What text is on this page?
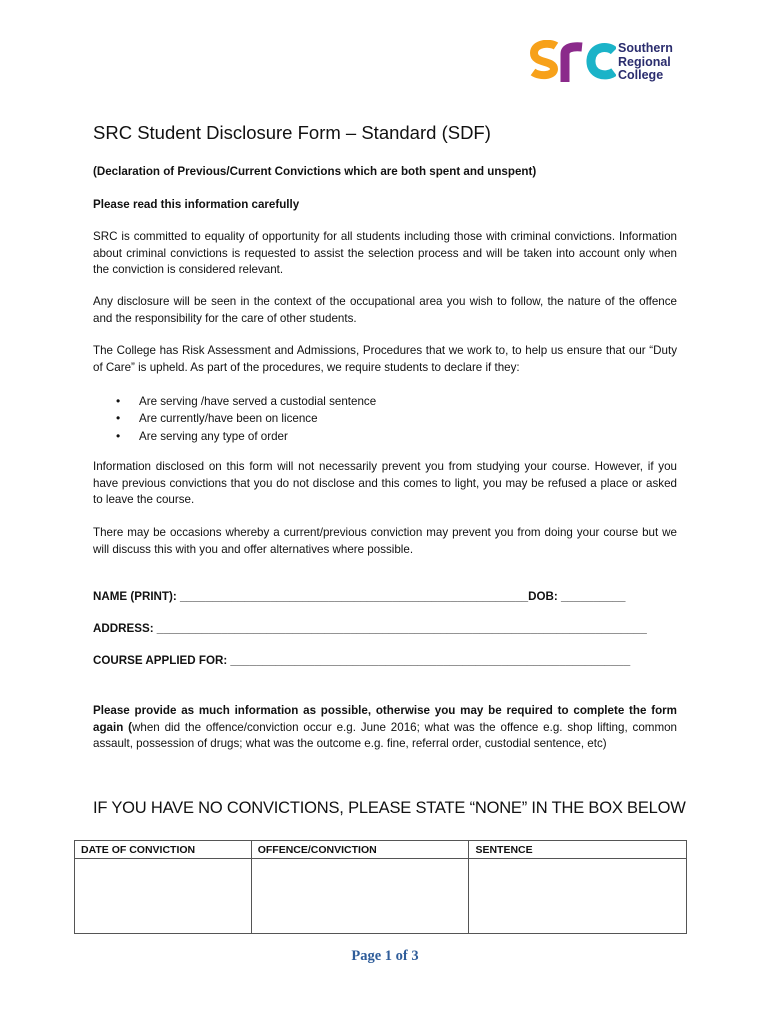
Southern
Regional
College
SRC Student Disclosure Form – Standard (SDF)

(Declaration of Previous/Current Convictions which are both spent and unspent)

Please read this information carefully

SRC is committed to equality of opportunity for all students including those with criminal convictions. Information about criminal convictions is requested to assist the selection process and will be taken into account only when the conviction is considered relevant.

Any disclosure will be seen in the context of the occupational area you wish to follow, the nature of the offence and the responsibility for the care of other students.

The College has Risk Assessment and Admissions, Procedures that we work to, to help us ensure that our “Duty of Care” is upheld. As part of the procedures, we require students to declare if they:

• Are serving /have served a custodial sentence
• Are currently/have been on licence
• Are serving any type of order

Information disclosed on this form will not necessarily prevent you from studying your course. However, if you have previous convictions that you do not disclose and this comes to light, you may be refused a place or asked to leave the course.

There may be occasions whereby a current/previous conviction may prevent you from doing your course but we will discuss this with you and offer alternatives where possible.

NAME (PRINT): ______________________________________________________DOB: __________
ADDRESS: ____________________________________________________________________________
COURSE APPLIED FOR: ______________________________________________________________

Please provide as much information as possible, otherwise you may be required to complete the form again (when did the offence/conviction occur e.g. June 2016; what was the offence e.g. shop lifting, common assault, possession of drugs; what was the outcome e.g. fine, referral order, custodial sentence, etc)

IF YOU HAVE NO CONVICTIONS, PLEASE STATE “NONE” IN THE BOX BELOW
DATE OF CONVICTION	OFFENCE/CONVICTION	SENTENCE

Page 1 of 3
